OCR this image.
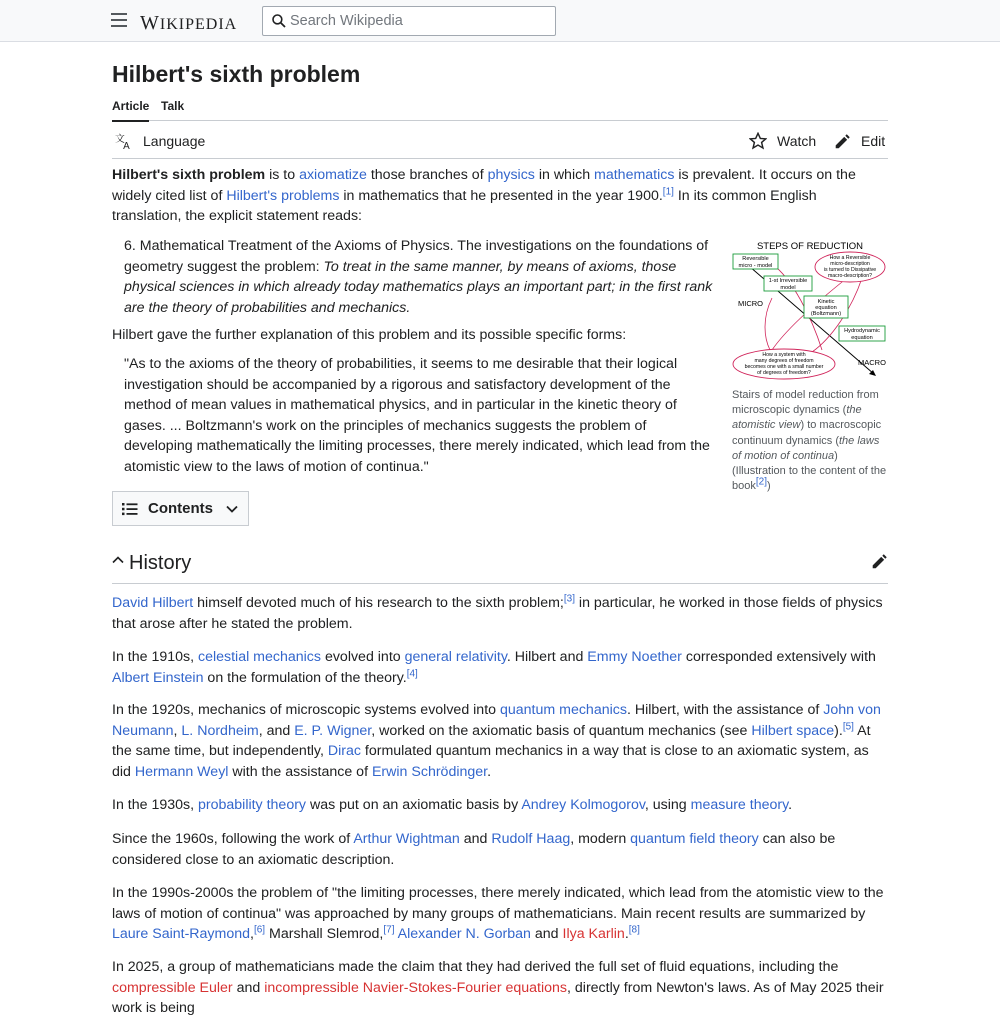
WIKIPEDIA
Search Wikipedia
Hilbert's sixth problem
Article Talk
文
A Language	Watch	Edit

Hilbert's sixth problem is to axiomatize those branches of physics in which mathematics is prevalent. It occurs on the widely cited list of Hilbert's problems in mathematics that he presented in the year 1900.[1] In its common English translation, the explicit statement reads:

6. Mathematical Treatment of the Axioms of Physics. The investigations on the foundations of geometry suggest the problem: To treat in the same manner, by means of axioms, those physical sciences in which already today mathematics plays an important part; in the first rank are the theory of probabilities and mechanics.

Hilbert gave the further explanation of this problem and its possible specific forms:

"As to the axioms of the theory of probabilities, it seems to me desirable that their logical investigation should be accompanied by a rigorous and satisfactory development of the method of mean values in mathematical physics, and in particular in the kinetic theory of gases. ... Boltzmann's work on the principles of mechanics suggests the problem of developing mathematically the limiting processes, there merely indicated, which lead from the atomistic view to the laws of motion of continua."

STEPS OF REDUCTION
Reversible
micro - model
How a Reversible
micro-description
is turned to Dissipative
macro-description?
1-st Irreversible
model
MICRO	Kinetic
equation
(Boltzmann)
Hydrodynamic
equation
How a system with
many degrees of freedom
becomes one with a small number
of degrees of freedom?
MACRO
Stairs of model reduction from microscopic dynamics (the atomistic view) to macroscopic continuum dynamics (the laws of motion of continua) (Illustration to the content of the book[2])
Contents
History

David Hilbert himself devoted much of his research to the sixth problem;[3] in particular, he worked in those fields of physics that arose after he stated the problem.

In the 1910s, celestial mechanics evolved into general relativity. Hilbert and Emmy Noether corresponded extensively with Albert Einstein on the formulation of the theory.[4]

In the 1920s, mechanics of microscopic systems evolved into quantum mechanics. Hilbert, with the assistance of John von Neumann, L. Nordheim, and E. P. Wigner, worked on the axiomatic basis of quantum mechanics (see Hilbert space).[5] At the same time, but independently, Dirac formulated quantum mechanics in a way that is close to an axiomatic system, as did Hermann Weyl with the assistance of Erwin Schrödinger.

In the 1930s, probability theory was put on an axiomatic basis by Andrey Kolmogorov, using measure theory.

Since the 1960s, following the work of Arthur Wightman and Rudolf Haag, modern quantum field theory can also be considered close to an axiomatic description.

In the 1990s-2000s the problem of "the limiting processes, there merely indicated, which lead from the atomistic view to the laws of motion of continua" was approached by many groups of mathematicians. Main recent results are summarized by Laure Saint-Raymond,[6] Marshall Slemrod,[7] Alexander N. Gorban and Ilya Karlin.[8]

In 2025, a group of mathematicians made the claim that they had derived the full set of fluid equations, including the compressible Euler and incompressible Navier-Stokes-Fourier equations, directly from Newton's laws. As of May 2025 their work is being
